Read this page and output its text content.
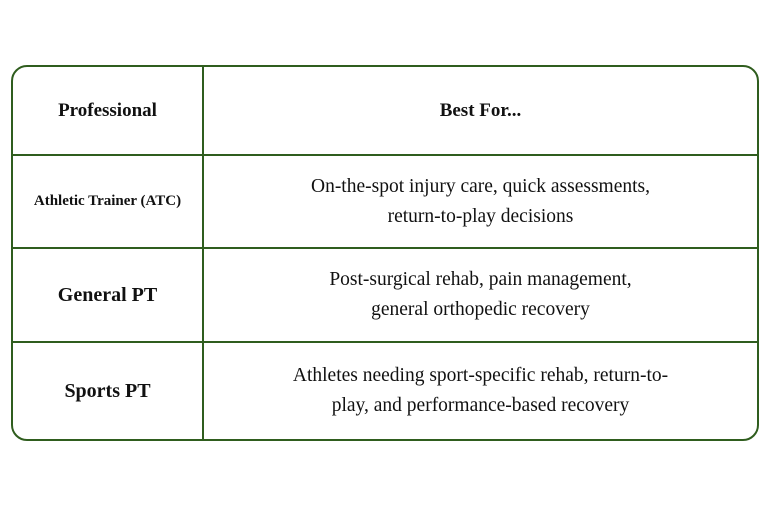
Professional	Best For...
Athletic Trainer (ATC)
On-the-spot injury care, quick assessments,
return-to-play decisions
General PT
Post-surgical rehab, pain management,
general orthopedic recovery
Sports PT
Athletes needing sport-specific rehab, return-to-
play, and performance-based recovery
